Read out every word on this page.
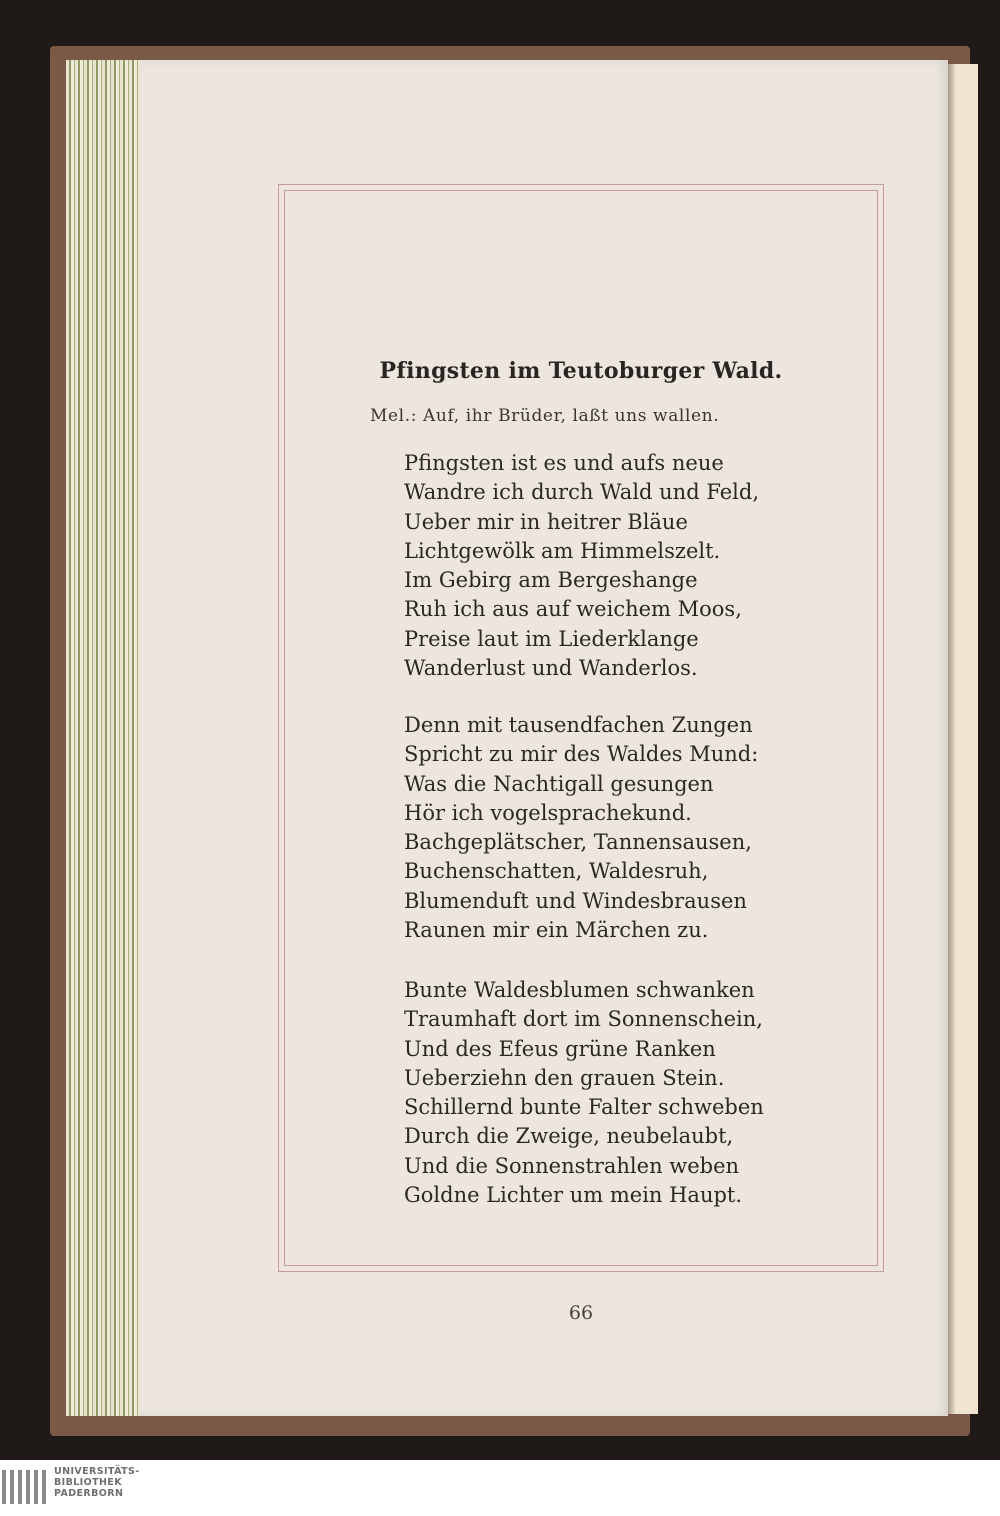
Pfingsten im Teutoburger Wald.
Mel.: Auf, ihr Brüder, laßt uns wallen.
Pfingsten ist es und aufs neue
Wandre ich durch Wald und Feld,
Ueber mir in heitrer Bläue
Lichtgewölk am Himmelszelt.
Im Gebirg am Bergeshange
Ruh ich aus auf weichem Moos,
Preise laut im Liederklange
Wanderlust und Wanderlos.
Denn mit tausendfachen Zungen
Spricht zu mir des Waldes Mund:
Was die Nachtigall gesungen
Hör ich vogelsprachekund.
Bachgeplätscher, Tannensausen,
Buchenschatten, Waldesruh,
Blumenduft und Windesbrausen
Raunen mir ein Märchen zu.
Bunte Waldesblumen schwanken
Traumhaft dort im Sonnenschein,
Und des Efeus grüne Ranken
Ueberziehn den grauen Stein.
Schillernd bunte Falter schweben
Durch die Zweige, neubelaubt,
Und die Sonnenstrahlen weben
Goldne Lichter um mein Haupt.
66
UNIVERSITÄTS-
BIBLIOTHEK
PADERBORN
